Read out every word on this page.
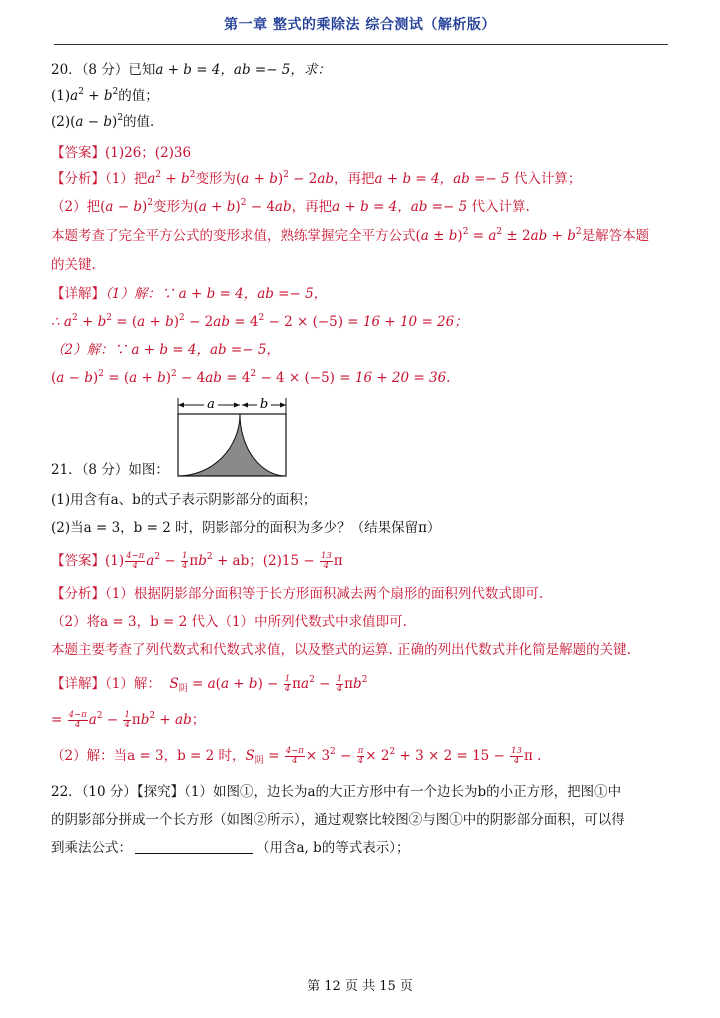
第一章 整式的乘除法 综合测试（解析版）
20．（8 分）已知a + b = 4，ab =− 5，求：
$(1)a^2 + b^2$的值；
$(2)(a - b)^2$的值．
【答案】(1)26；(2)36
【分析】（1）把$a^2 + b^2$变形为$(a + b)^2 - 2ab$，再把a + b = 4，ab =− 5 代入计算；
（2）把$(a - b)^2$变形为$(a + b)^2 - 4ab$，再把a + b = 4，ab =− 5 代入计算.
本题考查了完全平方公式的变形求值，熟练掌握完全平方公式$(a \pm b)^2 = a^2 \pm 2ab + b^2$是解答本题
的关键.
【详解】（1）解：∵ a + b = 4，ab =− 5，
∴ $a^2 + b^2 = (a + b)^2 - 2ab = 4^2 - 2 \times (-5) = 16 + 10 = 26$；
（2）解：∵ a + b = 4，ab =− 5，
$(a - b)^2 = (a + b)^2 - 4ab = 4^2 - 4 \times (-5) = 16 + 20 = 36$.
a	b
21．（8 分）如图：
(1)用含有a、b的式子表示阴影部分的面积；
(2)当a = 3，b = 2 时，阴影部分的面积为多少？（结果保留π）
【答案】$(1) \frac{4-\pi}{4} a^2 - \frac{1}{4} \pi b^2$ + ab；$(2)15 - \frac{13}{4}$ π
【分析】（1）根据阴影部分面积等于长方形面积减去两个扇形的面积列代数式即可.
（2）将a = 3，b = 2 代入（1）中所列代数式中求值即可.
本题主要考查了列代数式和代数式求值，以及整式的运算. 正确的列出代数式并化简是解题的关键.
【详解】（1）解： $S_阴 = a(a + b) - \frac{1}{4} \pi a^2 - \frac{1}{4} \pi b^2$
= $\frac{4-\pi}{4} a^2 - \frac{1}{4} \pi b^2$ + ab；
（2）解：当a = 3，b = 2 时，$S_阴 = \frac{4-\pi}{4} \times 3^2 - \frac{\pi}{4} \times 2^2 + 3 \times 2 = 15 - \frac{13}{4}$ π .
22．（10 分）【探究】（1）如图①，边长为a的大正方形中有一个边长为b的小正方形，把图①中
的阴影部分拼成一个长方形（如图②所示），通过观察比较图②与图①中的阴影部分面积，可以得
到乘法公式：	（用含a, b的等式表示）；
第 12 页 共 15 页
